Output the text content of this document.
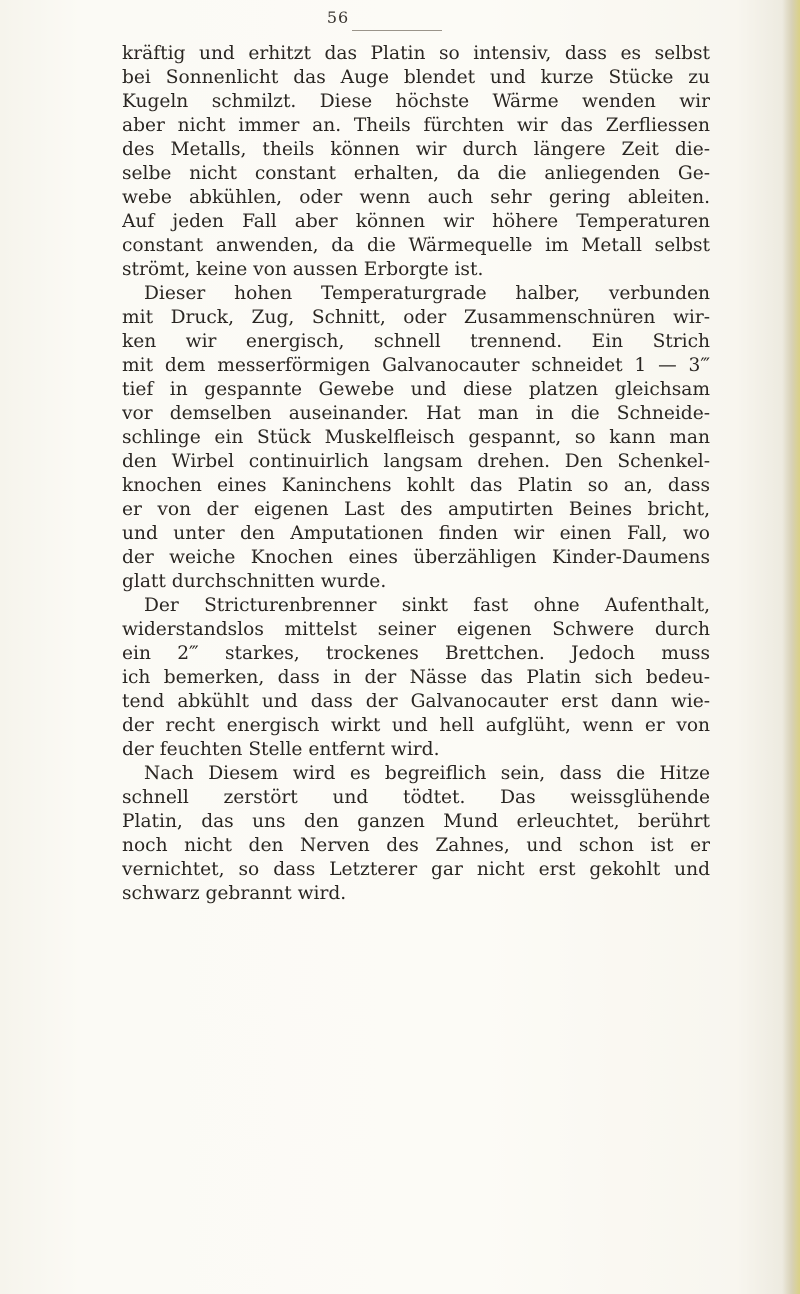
56
kräftig und erhitzt das Platin so intensiv, dass es selbst
bei Sonnenlicht das Auge blendet und kurze Stücke zu
Kugeln schmilzt. Diese höchste Wärme wenden wir
aber nicht immer an. Theils fürchten wir das Zerfliessen
des Metalls, theils können wir durch längere Zeit die-
selbe nicht constant erhalten, da die anliegenden Ge-
webe abkühlen, oder wenn auch sehr gering ableiten.
Auf jeden Fall aber können wir höhere Temperaturen
constant anwenden, da die Wärmequelle im Metall selbst
strömt, keine von aussen Erborgte ist.
Dieser hohen Temperaturgrade halber, verbunden
mit Druck, Zug, Schnitt, oder Zusammenschnüren wir-
ken wir energisch, schnell trennend. Ein Strich
mit dem messerförmigen Galvanocauter schneidet 1 — 3‴
tief in gespannte Gewebe und diese platzen gleichsam
vor demselben auseinander. Hat man in die Schneide-
schlinge ein Stück Muskelfleisch gespannt, so kann man
den Wirbel continuirlich langsam drehen. Den Schenkel-
knochen eines Kaninchens kohlt das Platin so an, dass
er von der eigenen Last des amputirten Beines bricht,
und unter den Amputationen finden wir einen Fall, wo
der weiche Knochen eines überzähligen Kinder-Daumens
glatt durchschnitten wurde.
Der Stricturenbrenner sinkt fast ohne Aufenthalt,
widerstandslos mittelst seiner eigenen Schwere durch
ein 2‴ starkes, trockenes Brettchen. Jedoch muss
ich bemerken, dass in der Nässe das Platin sich bedeu-
tend abkühlt und dass der Galvanocauter erst dann wie-
der recht energisch wirkt und hell aufglüht, wenn er von
der feuchten Stelle entfernt wird.
Nach Diesem wird es begreiflich sein, dass die Hitze
schnell zerstört und tödtet. Das weissglühende
Platin, das uns den ganzen Mund erleuchtet, berührt
noch nicht den Nerven des Zahnes, und schon ist er
vernichtet, so dass Letzterer gar nicht erst gekohlt und
schwarz gebrannt wird.
